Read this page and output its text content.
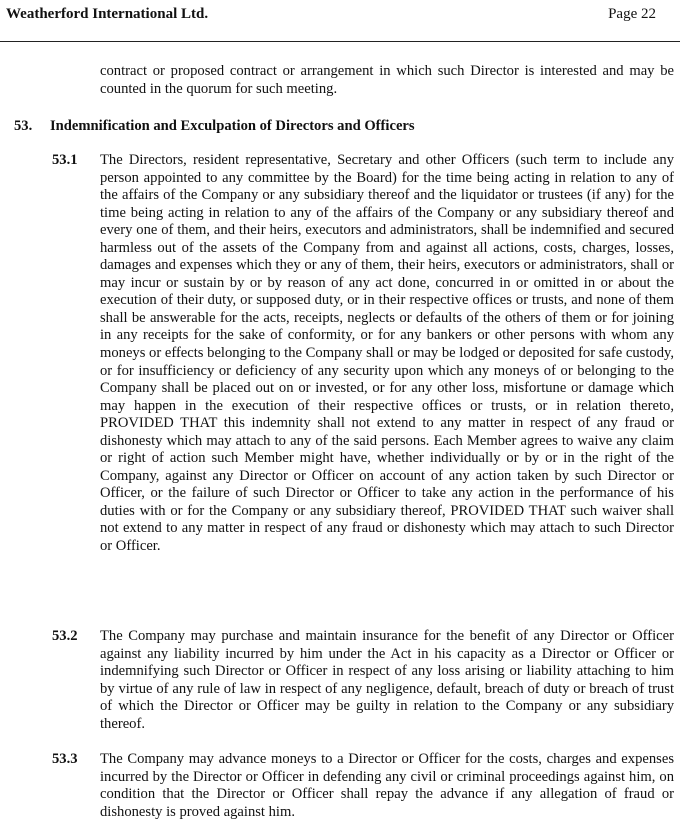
Weatherford International Ltd.	Page 22

contract or proposed contract or arrangement in which such Director is interested and may be counted in the quorum for such meeting.

53. Indemnification and Exculpation of Directors and Officers
53.1 The Directors, resident representative, Secretary and other Officers (such term to include any person appointed to any committee by the Board) for the time being acting in relation to any of the affairs of the Company or any subsidiary thereof and the liquidator or trustees (if any) for the time being acting in relation to any of the affairs of the Company or any subsidiary thereof and every one of them, and their heirs, executors and administrators, shall be indemnified and secured harmless out of the assets of the Company from and against all actions, costs, charges, losses, damages and expenses which they or any of them, their heirs, executors or administrators, shall or may incur or sustain by or by reason of any act done, concurred in or omitted in or about the execution of their duty, or supposed duty, or in their respective offices or trusts, and none of them shall be answerable for the acts, receipts, neglects or defaults of the others of them or for joining in any receipts for the sake of conformity, or for any bankers or other persons with whom any moneys or effects belonging to the Company shall or may be lodged or deposited for safe custody, or for insufficiency or deficiency of any security upon which any moneys of or belonging to the Company shall be placed out on or invested, or for any other loss, misfortune or damage which may happen in the execution of their respective offices or trusts, or in relation thereto, PROVIDED THAT this indemnity shall not extend to any matter in respect of any fraud or dishonesty which may attach to any of the said persons. Each Member agrees to waive any claim or right of action such Member might have, whether individually or by or in the right of the Company, against any Director or Officer on account of any action taken by such Director or Officer, or the failure of such Director or Officer to take any action in the performance of his duties with or for the Company or any subsidiary thereof, PROVIDED THAT such waiver shall not extend to any matter in respect of any fraud or dishonesty which may attach to such Director or Officer.

53.2 The Company may purchase and maintain insurance for the benefit of any Director or Officer against any liability incurred by him under the Act in his capacity as a Director or Officer or indemnifying such Director or Officer in respect of any loss arising or liability attaching to him by virtue of any rule of law in respect of any negligence, default, breach of duty or breach of trust of which the Director or Officer may be guilty in relation to the Company or any subsidiary thereof.

53.3 The Company may advance moneys to a Director or Officer for the costs, charges and expenses incurred by the Director or Officer in defending any civil or criminal proceedings against him, on condition that the Director or Officer shall repay the advance if any allegation of fraud or dishonesty is proved against him.
